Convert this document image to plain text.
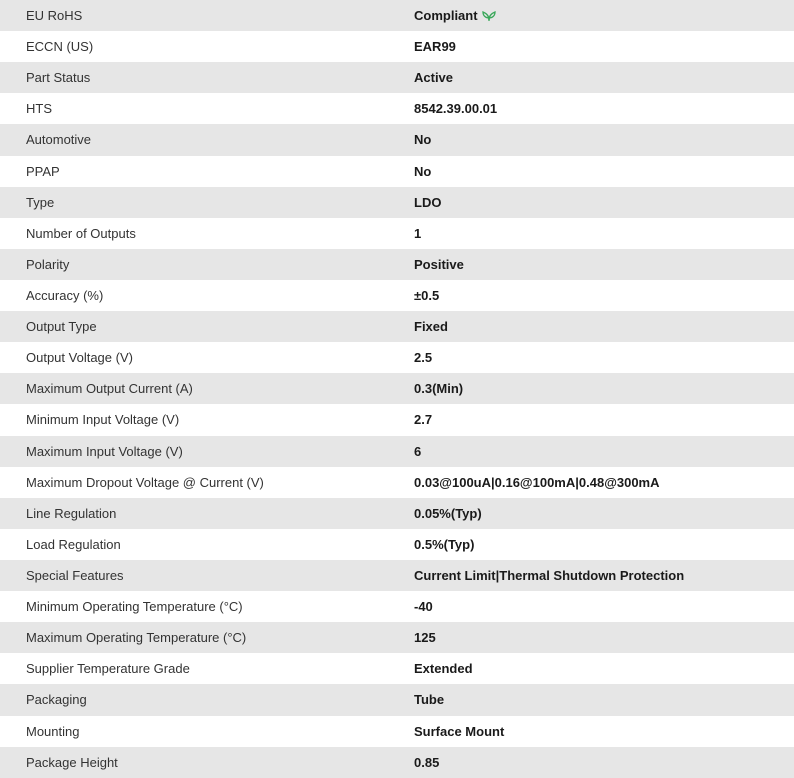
EU RoHS	Compliant
ECCN (US)	EAR99
Part Status	Active
HTS	8542.39.00.01
Automotive	No
PPAP	No
Type	LDO
Number of Outputs	1
Polarity	Positive
Accuracy (%)	±0.5
Output Type	Fixed
Output Voltage (V)	2.5
Maximum Output Current (A)	0.3(Min)
Minimum Input Voltage (V)	2.7
Maximum Input Voltage (V)	6
Maximum Dropout Voltage @ Current (V)	0.03@100uA|0.16@100mA|0.48@300mA
Line Regulation	0.05%(Typ)
Load Regulation	0.5%(Typ)
Special Features	Current Limit|Thermal Shutdown Protection
Minimum Operating Temperature (°C)	-40
Maximum Operating Temperature (°C)	125
Supplier Temperature Grade	Extended
Packaging	Tube
Mounting	Surface Mount
Package Height	0.85
